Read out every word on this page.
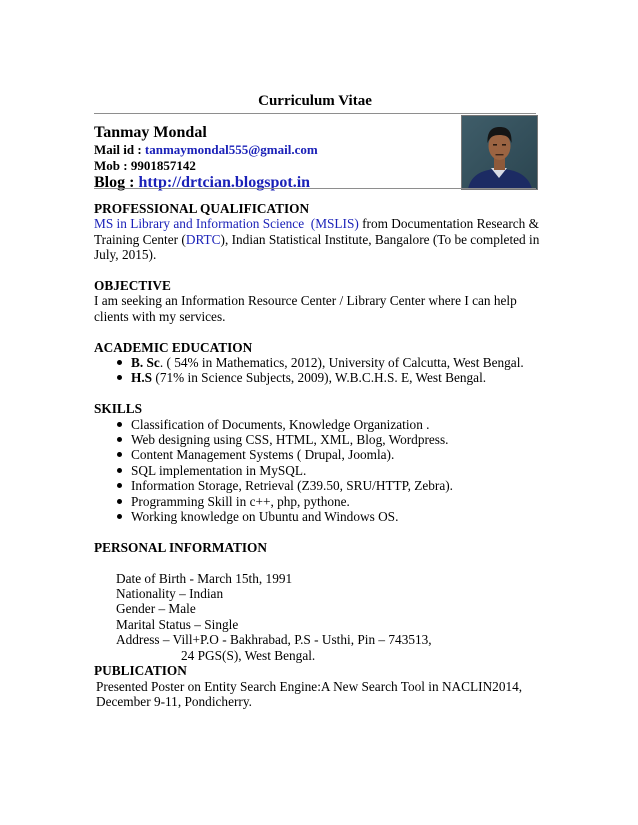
Curriculum Vitae
Tanmay Mondal
Mail id : tanmaymondal555@gmail.com
Mob : 9901857142
Blog : http://drtcian.blogspot.in
PROFESSIONAL QUALIFICATION

MS in Library and Information Science (MSLIS) from Documentation Research & Training Center (DRTC), Indian Statistical Institute, Bangalore (To be completed in July, 2015).

OBJECTIVE

I am seeking an Information Resource Center / Library Center where I can help clients with my services.

ACADEMIC EDUCATION
B. Sc. ( 54% in Mathematics, 2012), University of Calcutta, West Bengal.
H.S (71% in Science Subjects, 2009), W.B.C.H.S. E, West Bengal.
SKILLS
Classification of Documents, Knowledge Organization .
Web designing using CSS, HTML, XML, Blog, Wordpress.
Content Management Systems ( Drupal, Joomla).
SQL implementation in MySQL.
Information Storage, Retrieval (Z39.50, SRU/HTTP, Zebra).
Programming Skill in c++, php, pythone.
Working knowledge on Ubuntu and Windows OS.
PERSONAL INFORMATION
Date of Birth - March 15th, 1991
Nationality – Indian
Gender – Male
Marital Status – Single
Address – Vill+P.O - Bakhrabad, P.S - Usthi, Pin – 743513,
24 PGS(S), West Bengal.
PUBLICATION

Presented Poster on Entity Search Engine:A New Search Tool in NACLIN2014, December 9-11, Pondicherry.
